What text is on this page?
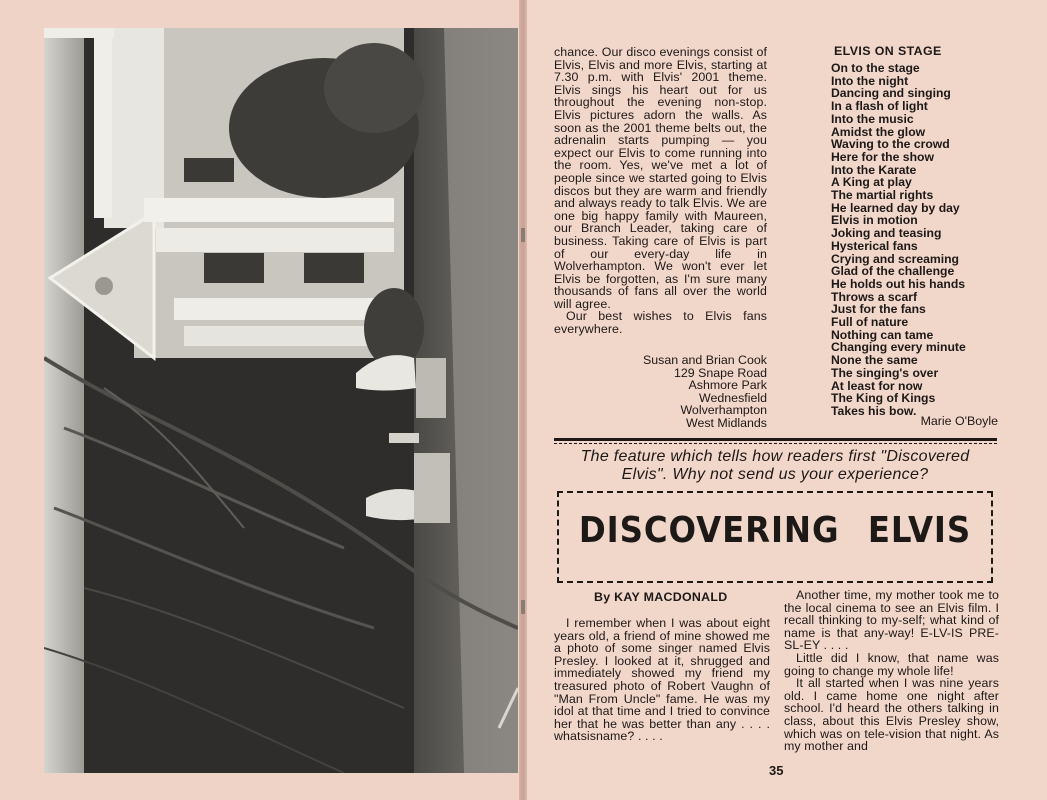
chance. Our disco evenings consist of Elvis, Elvis and more Elvis, starting at 7.30 p.m. with Elvis' 2001 theme. Elvis sings his heart out for us throughout the evening non-stop. Elvis pictures adorn the walls. As soon as the 2001 theme belts out, the adrenalin starts pumping — you expect our Elvis to come running into the room. Yes, we've met a lot of people since we started going to Elvis discos but they are warm and friendly and always ready to talk Elvis. We are one big happy family with Maureen, our Branch Leader, taking care of business. Taking care of Elvis is part of our every-day life in Wolverhampton. We won't ever let Elvis be forgotten, as I'm sure many thousands of fans all over the world will agree.

Our best wishes to Elvis fans everywhere.

Susan and Brian Cook
129 Snape Road
Ashmore Park
Wednesfield
Wolverhampton
West Midlands
ELVIS ON STAGE
On to the stage
Into the night
Dancing and singing
In a flash of light
Into the music
Amidst the glow
Waving to the crowd
Here for the show
Into the Karate
A King at play
The martial rights
He learned day by day
Elvis in motion
Joking and teasing
Hysterical fans
Crying and screaming
Glad of the challenge
He holds out his hands
Throws a scarf
Just for the fans
Full of nature
Nothing can tame
Changing every minute
None the same
The singing's over
At least for now
The King of Kings
Takes his bow.
Marie O'Boyle
The feature which tells how readers first "Discovered
Elvis". Why not send us your experience?
DISCOVERING ELVIS
By KAY MACDONALD

I remember when I was about eight years old, a friend of mine showed me a photo of some singer named Elvis Presley. I looked at it, shrugged and immediately showed my friend my treasured photo of Robert Vaughn of "Man From Uncle" fame. He was my idol at that time and I tried to convince her that he was better than any . . . . whatsisname? . . . .

Another time, my mother took me to the local cinema to see an Elvis film. I recall thinking to my-self; what kind of name is that any-way! E-LV-IS PRE-SL-EY . . . .

Little did I know, that name was going to change my whole life!

It all started when I was nine years old. I came home one night after school. I'd heard the others talking in class, about this Elvis Presley show, which was on tele-vision that night. As my mother and

35
